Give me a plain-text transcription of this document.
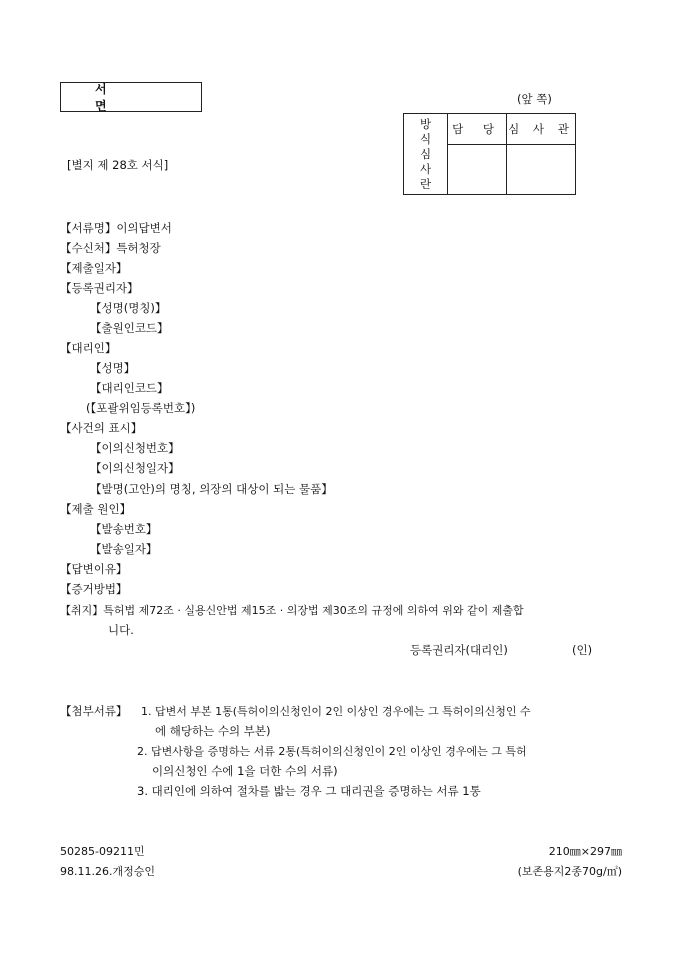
서 면	(앞 쪽)
[별지 제 28호 서식]
방
식
심
사
란	담 당	심 사 관

【서류명】이의답변서
【수신처】특허청장
【제출일자】
【등록권리자】
【성명(명칭)】
【출원인코드】
【대리인】
【성명】
【대리인코드】
(【포괄위임등록번호】)
【사건의 표시】
【이의신청번호】
【이의신청일자】
【발명(고안)의 명칭, 의장의 대상이 되는 물품】
【제출 원인】
【발송번호】
【발송일자】
【답변이유】
【증거방법】
【취지】특허법 제72조 · 실용신안법 제15조 · 의장법 제30조의 규정에 의하여 위와 같이 제출합
니다.
등록권리자(대리인)	(인)
【첨부서류】 1. 답변서 부본 1통(특허이의신청인이 2인 이상인 경우에는 그 특허이의신청인 수
에 해당하는 수의 부본)
2. 답변사항을 증명하는 서류 2통(특허이의신청인이 2인 이상인 경우에는 그 특허
이의신청인 수에 1을 더한 수의 서류)
3. 대리인에 의하여 절차를 밟는 경우 그 대리권을 증명하는 서류 1통
50285-09211민
98.11.26.개정승인
210㎜×297㎜
(보존용지2종70g/㎡)
